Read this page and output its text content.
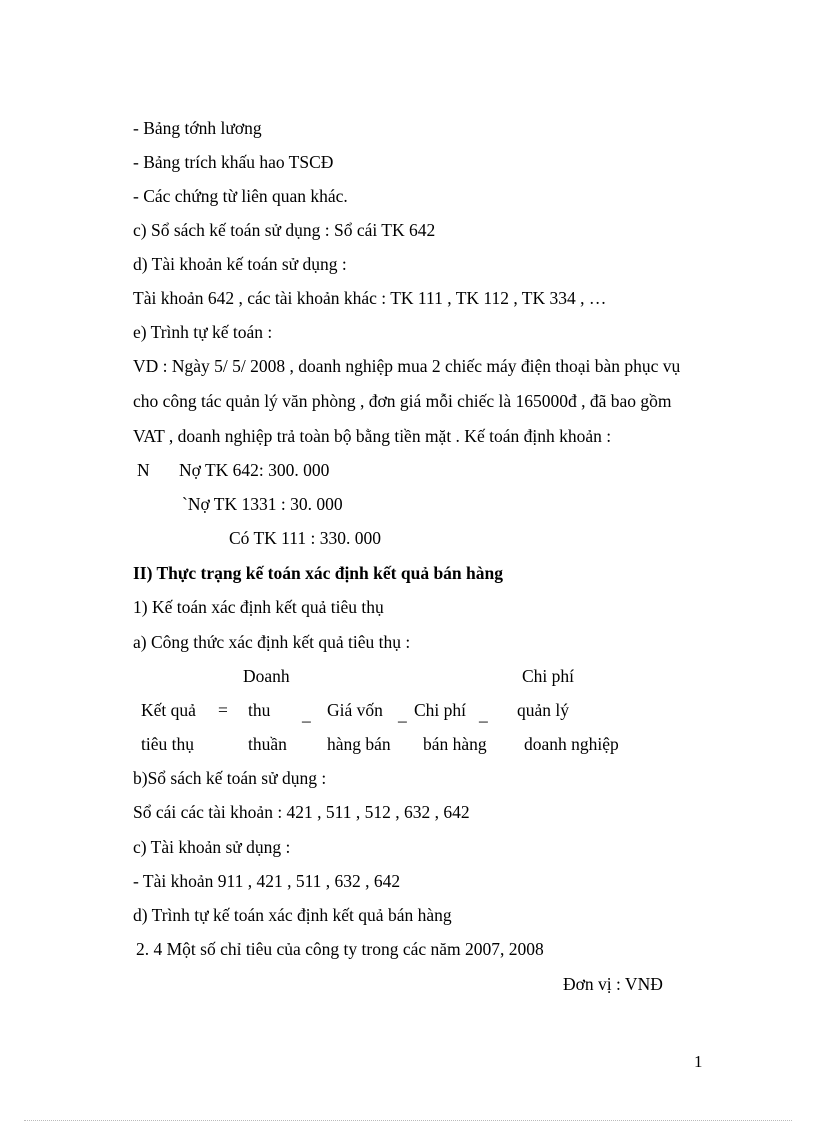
- Bảng tớnh lương
- Bảng trích khấu hao TSCĐ
- Các chứng từ liên quan khác.
c) Sổ sách kế toán sử dụng : Sổ cái TK 642
d) Tài khoản kế toán sử dụng :
Tài khoản 642 , các tài khoản khác : TK 111 , TK 112 , TK 334 , …
e) Trình tự kế toán :
VD : Ngày 5/ 5/ 2008 , doanh nghiệp mua 2 chiếc máy điện thoại bàn phục vụ
cho công tác quản lý văn phòng , đơn giá mỗi chiếc là 165000đ , đã bao gồm
VAT , doanh nghiệp trả toàn bộ bằng tiền mặt . Kế toán định khoản :
N Nợ TK 642: 300. 000
`Nợ TK 1331 : 30. 000
Có TK 111 : 330. 000
II) Thực trạng kế toán xác định kết quả bán hàng
1) Kế toán xác định kết quả tiêu thụ
a) Công thức xác định kết quả tiêu thụ :
Doanh	Chi phí
Kết quả = thu _ Giá vốn _ Chi phí _ quản lý
tiêu thụ	thuần hàng bán bán hàng doanh nghiệp
b)Sổ sách kế toán sử dụng :
Sổ cái các tài khoản : 421 , 511 , 512 , 632 , 642
c) Tài khoản sử dụng :
- Tài khoản 911 , 421 , 511 , 632 , 642
d) Trình tự kế toán xác định kết quả bán hàng
2. 4 Một số chỉ tiêu của công ty trong các năm 2007, 2008
Đơn vị : VNĐ
1
